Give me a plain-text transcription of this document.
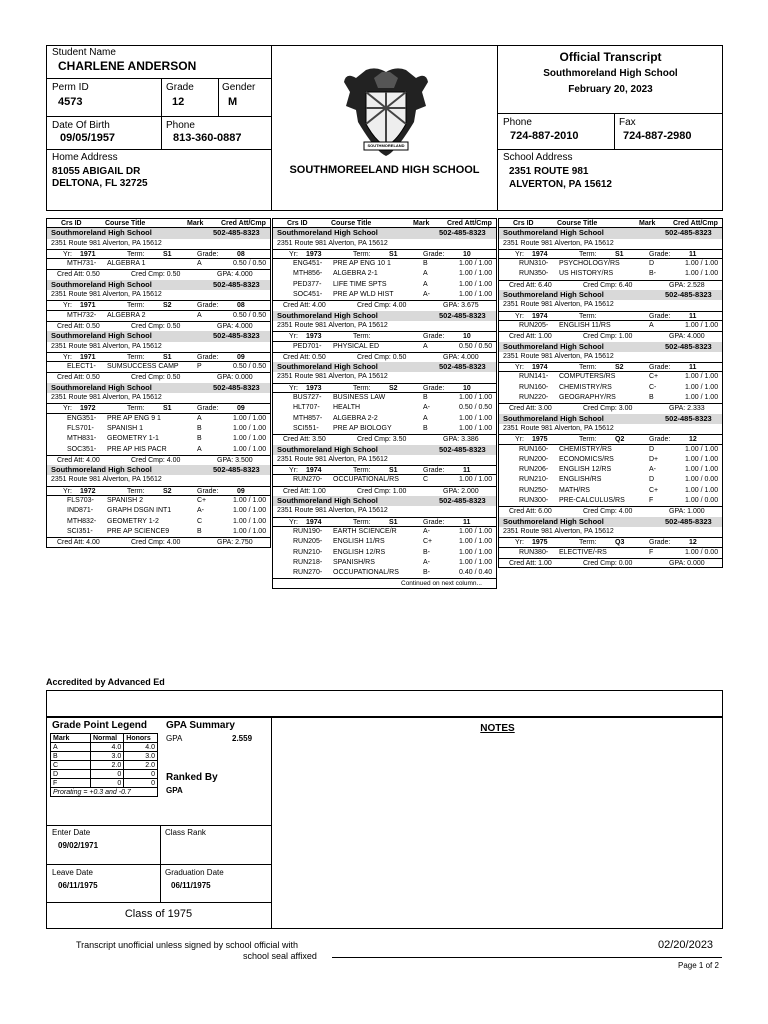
Student Name
CHARLENE ANDERSON
Perm ID
4573
Grade
12
Gender
M
Date Of Birth
09/05/1957
Phone
813-360-0887
Home Address
81055 ABIGAIL DR
DELTONA, FL 32725
SOUTHMORELAND
SOUTHMOREELAND HIGH SCHOOL
Official Transcript
Southmoreland High School
February 20, 2023
Phone
724-887-2010
Fax
724-887-2980
School Address
2351 ROUTE 981
ALVERTON, PA 15612
Crs ID	Course Title	Mark	Cred Att/Cmp
Southmoreland High School	502-485-8323
2351 Route 981 Alverton, PA 15612
Yr: 1971	Term:	S1	Grade:	08
MTH731- ALGEBRA 1	A	0.50 / 0.50
Cred Att: 0.50	Cred Cmp: 0.50	GPA: 4.000
Southmoreland High School	502-485-8323
2351 Route 981 Alverton, PA 15612
Yr: 1971	Term:	S2	Grade:	08
MTH732- ALGEBRA 2	A	0.50 / 0.50
Cred Att: 0.50	Cred Cmp: 0.50	GPA: 4.000
Southmoreland High School	502-485-8323
2351 Route 981 Alverton, PA 15612
Yr: 1971	Term:	S1	Grade:	09
ELECT1- SUMSUCCESS CAMP	P	0.50 / 0.50
Cred Att: 0.50	Cred Cmp: 0.50	GPA: 0.000
Southmoreland High School	502-485-8323
2351 Route 981 Alverton, PA 15612
Yr: 1972	Term:	S1	Grade:	09
ENG351- PRE AP ENG 9 1	A	1.00 / 1.00
FLS701- SPANISH 1	B	1.00 / 1.00
MTH831- GEOMETRY 1-1	B	1.00 / 1.00
SOC351- PRE AP HIS PACR	A	1.00 / 1.00
Cred Att: 4.00	Cred Cmp: 4.00	GPA: 3.500
Southmoreland High School	502-485-8323
2351 Route 981 Alverton, PA 15612
Yr: 1972	Term:	S2	Grade:	09
FLS703- SPANISH 2	C+	1.00 / 1.00
IND871- GRAPH DSGN INT1	A-	1.00 / 1.00
MTH832- GEOMETRY 1-2	C	1.00 / 1.00
SCI351- PRE AP SCIENCE9	B	1.00 / 1.00
Cred Att: 4.00	Cred Cmp: 4.00	GPA: 2.750
Crs ID	Course Title	Mark	Cred Att/Cmp
Southmoreland High School	502-485-8323
2351 Route 981 Alverton, PA 15612
Yr: 1973	Term:	S1	Grade:	10
ENG451- PRE AP ENG 10 1	B	1.00 / 1.00
MTH856- ALGEBRA 2-1	A	1.00 / 1.00
PED377- LIFE TIME SPTS	A	1.00 / 1.00
SOC451- PRE AP WLD HIST	A-	1.00 / 1.00
Cred Att: 4.00	Cred Cmp: 4.00	GPA: 3.675
Southmoreland High School	502-485-8323
2351 Route 981 Alverton, PA 15612
Yr: 1973	Term:	Grade:	10
PED701- PHYSICAL ED	A	0.50 / 0.50
Cred Att: 0.50	Cred Cmp: 0.50	GPA: 4.000
Southmoreland High School	502-485-8323
2351 Route 981 Alverton, PA 15612
Yr: 1973	Term:	S2	Grade:	10
BUS727- BUSINESS LAW	B	1.00 / 1.00
HLT707- HEALTH	A-	0.50 / 0.50
MTH857- ALGEBRA 2-2	A	1.00 / 1.00
SCI551- PRE AP BIOLOGY	B	1.00 / 1.00
Cred Att: 3.50	Cred Cmp: 3.50	GPA: 3.386
Southmoreland High School	502-485-8323
2351 Route 981 Alverton, PA 15612
Yr: 1974	Term:	S1	Grade:	11
RUN270- OCCUPATIONAL/RS	C	1.00 / 1.00
Cred Att: 1.00	Cred Cmp: 1.00	GPA: 2.000
Southmoreland High School	502-485-8323
2351 Route 981 Alverton, PA 15612
Yr: 1974	Term:	S1	Grade:	11
RUN190- EARTH SCIENCE/R	A-	1.00 / 1.00
RUN205- ENGLISH 11/RS	C+	1.00 / 1.00
RUN210- ENGLISH 12/RS	B-	1.00 / 1.00
RUN218- SPANISH/RS	A-	1.00 / 1.00
RUN270- OCCUPATIONAL/RS	B-	0.40 / 0.40
Continued on next column...
Crs ID	Course Title	Mark	Cred Att/Cmp
Southmoreland High School	502-485-8323
2351 Route 981 Alverton, PA 15612
Yr: 1974	Term:	S1	Grade:	11
RUN310- PSYCHOLOGY/RS	D	1.00 / 1.00
RUN350- US HISTORY/RS	B-	1.00 / 1.00
Cred Att: 6.40	Cred Cmp: 6.40	GPA: 2.528
Southmoreland High School	502-485-8323
2351 Route 981 Alverton, PA 15612
Yr: 1974	Term:	Grade:	11
RUN205- ENGLISH 11/RS	A	1.00 / 1.00
Cred Att: 1.00	Cred Cmp: 1.00	GPA: 4.000
Southmoreland High School	502-485-8323
2351 Route 981 Alverton, PA 15612
Yr: 1974	Term:	S2	Grade:	11
RUN141- COMPUTERS/RS	C+	1.00 / 1.00
RUN160- CHEMISTRY/RS	C-	1.00 / 1.00
RUN220- GEOGRAPHY/RS	B	1.00 / 1.00
Cred Att: 3.00	Cred Cmp: 3.00	GPA: 2.333
Southmoreland High School	502-485-8323
2351 Route 981 Alverton, PA 15612
Yr: 1975	Term:	Q2	Grade:	12
RUN160- CHEMISTRY/RS	D	1.00 / 1.00
RUN200- ECONOMICS/RS	D+	1.00 / 1.00
RUN206- ENGLISH 12/RS	A-	1.00 / 1.00
RUN210- ENGLISH/RS	D	1.00 / 0.00
RUN250- MATH/RS	C+	1.00 / 1.00
RUN300- PRE-CALCULUS/RS	F	1.00 / 0.00
Cred Att: 6.00	Cred Cmp: 4.00	GPA: 1.000
Southmoreland High School	502-485-8323
2351 Route 981 Alverton, PA 15612
Yr: 1975	Term:	Q3	Grade:	12
RUN380- ELECTIVE/-RS	F	1.00 / 0.00
Cred Att: 1.00	Cred Cmp: 0.00	GPA: 0.000
Accredited by Advanced Ed
Grade Point Legend
Mark	Normal	Honors
A	4.0	4.0
B	3.0	3.0
C	2.0	2.0
D	0	0
F	0	0
Prorating = +0.3 and -0.7		
GPA Summary
GPA	2.559
Ranked By
GPA
NOTES
Enter Date
09/02/1971
Class Rank
Leave Date
06/11/1975
Graduation Date
06/11/1975
Class of 1975
Transcript unofficial unless signed by school official with
school seal affixed
02/20/2023
Page 1 of 2
